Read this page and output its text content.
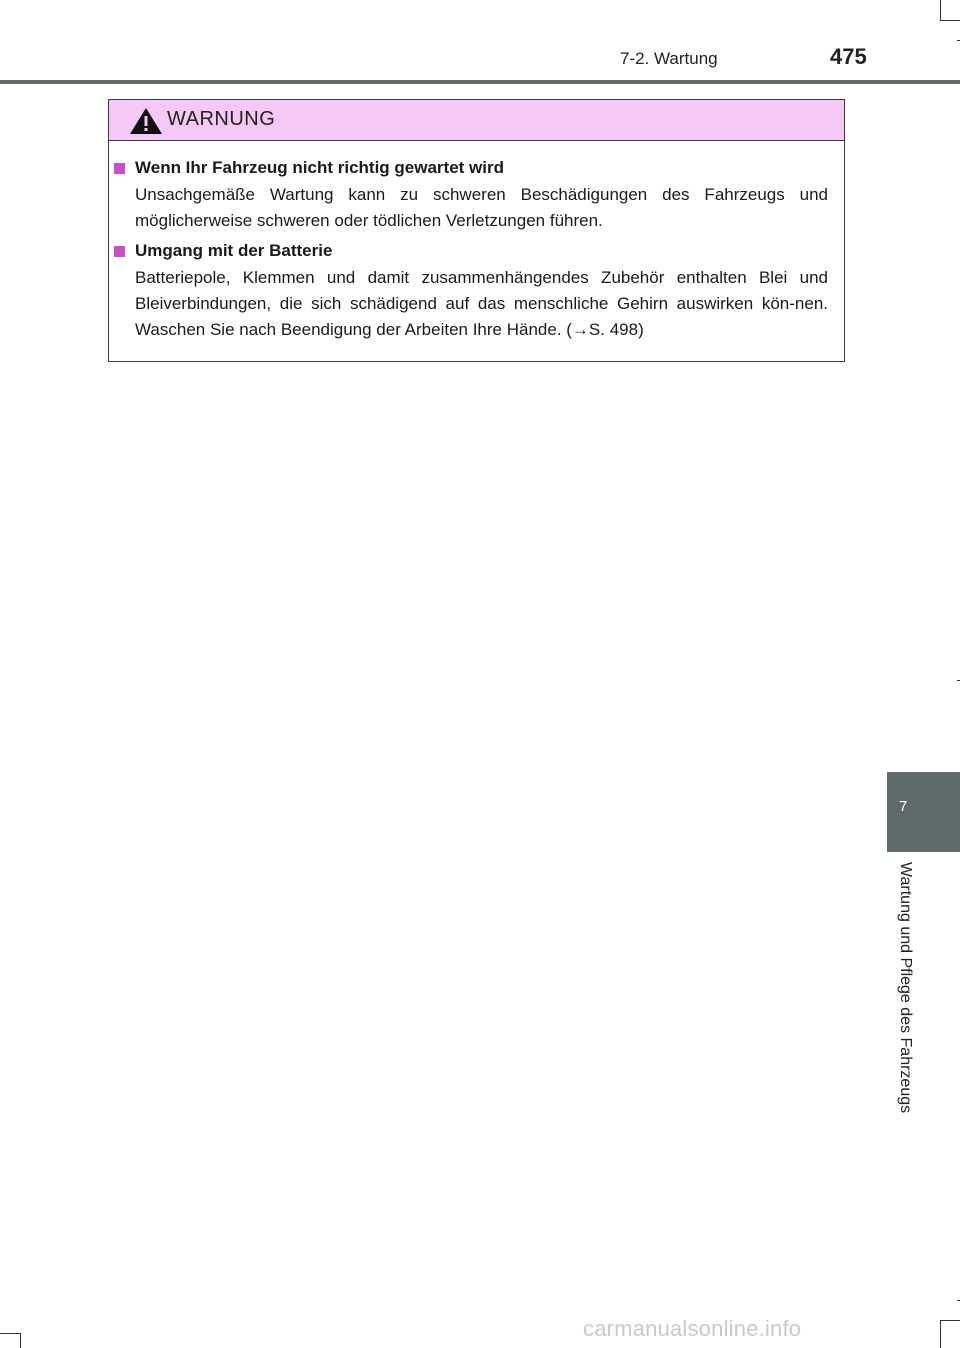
7-2. Wartung	475
WARNUNG
Wenn Ihr Fahrzeug nicht richtig gewartet wird
Unsachgemäße Wartung kann zu schweren Beschädigungen des Fahrzeugs und möglicherweise schweren oder tödlichen Verletzungen führen.
Umgang mit der Batterie
Batteriepole, Klemmen und damit zusammenhängendes Zubehör enthalten Blei und Bleiverbindungen, die sich schädigend auf das menschliche Gehirn auswirken kön-nen. Waschen Sie nach Beendigung der Arbeiten Ihre Hände. (→S. 498)
7
Wartung und Pflege des Fahrzeugs
carmanualsonline.info
